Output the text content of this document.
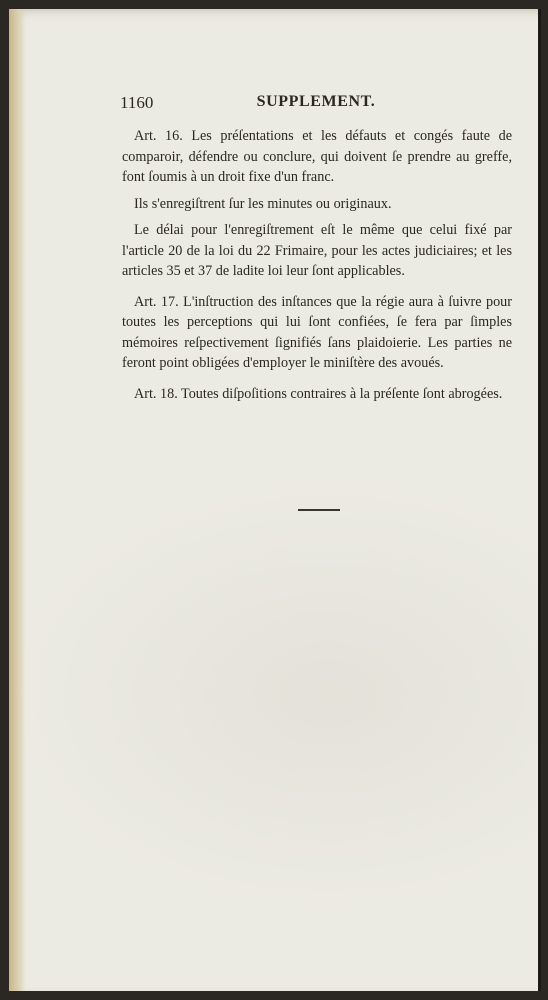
1160	SUPPLEMENT.

Art. 16. Les préſentations et les défauts et congés faute de comparoir, défendre ou conclure, qui doivent ſe prendre au greffe, font ſoumis à un droit fixe d'un franc.

Ils s'enregiſtrent ſur les minutes ou originaux.

Le délai pour l'enregiſtrement eſt le même que celui fixé par l'article 20 de la loi du 22 Frimaire, pour les actes judiciaires; et les articles 35 et 37 de ladite loi leur ſont applicables.

Art. 17. L'inſtruction des inſtances que la régie aura à ſuivre pour toutes les perceptions qui lui ſont confiées, ſe fera par ſimples mémoires reſpectivement ſignifiés ſans plaidoierie. Les parties ne feront point obligées d'employer le miniſtère des avoués.

Art. 18. Toutes diſpoſitions contraires à la préſente ſont abrogées.
